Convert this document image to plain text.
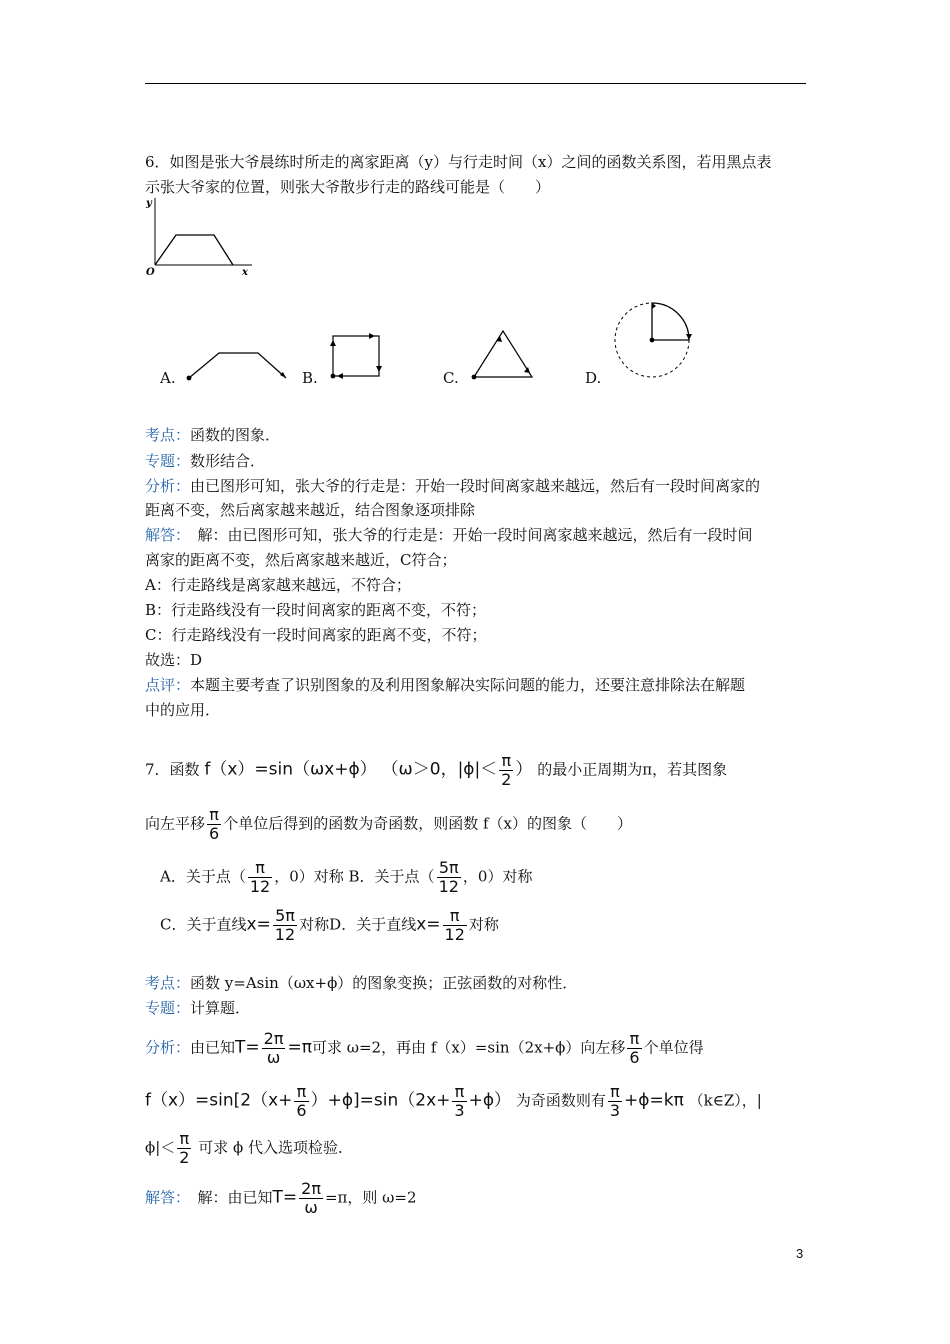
6．如图是张大爷晨练时所走的离家距离（y）与行走时间（x）之间的函数关系图，若用黑点表
示张大爷家的位置，则张大爷散步行走的路线可能是（　　）
y
x
O
A.	B.	C.	D.
考点：函数的图象．
专题：数形结合．
分析：由已图形可知，张大爷的行走是：开始一段时间离家越来越远，然后有一段时间离家的
距离不变，然后离家越来越近，结合图象逐项排除
解答：　解：由已图形可知，张大爷的行走是：开始一段时间离家越来越远，然后有一段时间
离家的距离不变，然后离家越来越近，C符合；
A：行走路线是离家越来越远，不符合；
B：行走路线没有一段时间离家的距离不变，不符；
C：行走路线没有一段时间离家的距离不变，不符；
故选：D
点评：本题主要考查了识别图象的及利用图象解决实际问题的能力，还要注意排除法在解题
中的应用．
7．函数 f（x）=sin（ωx+ϕ） （ω＞0，$|\phi|< \frac{\pi}{2}$ ） 的最小正周期为π，若其图象
向左平移 $\frac{\pi}{6}$ 个单位后得到的函数为奇函数，则函数 f（x）的图象（　　）
A．关于点（ $\frac{\pi}{12}$ ，0）对称 B．关于点（ $\frac{5\pi}{12}$ ，0）对称
C．关于直线$x= \frac{5\pi}{12}$ 对称D．关于直线$x= \frac{\pi}{12}$ 对称
考点：函数 y=Asin（ωx+ϕ）的图象变换；正弦函数的对称性．
专题：计算题．
分析：由已知$T= \frac{2\pi}{\omega} =\pi$可求 ω=2，再由 f（x）=sin（2x+ϕ）向左移 $\frac{\pi}{6}$ 个单位得
$f(x)=\sin[2(x+ \frac{\pi}{6} )+\phi]=\sin(2x+ \frac{\pi}{3} +\phi)$ 为奇函数则有 $\frac{\pi}{3} +\phi=k\pi$ （k∈Z），|
$\phi|< \frac{\pi}{2}$ 可求 ϕ 代入选项检验．
解答：　解：由已知$T= \frac{2\pi}{\omega} =\pi$，则 ω=2
3
